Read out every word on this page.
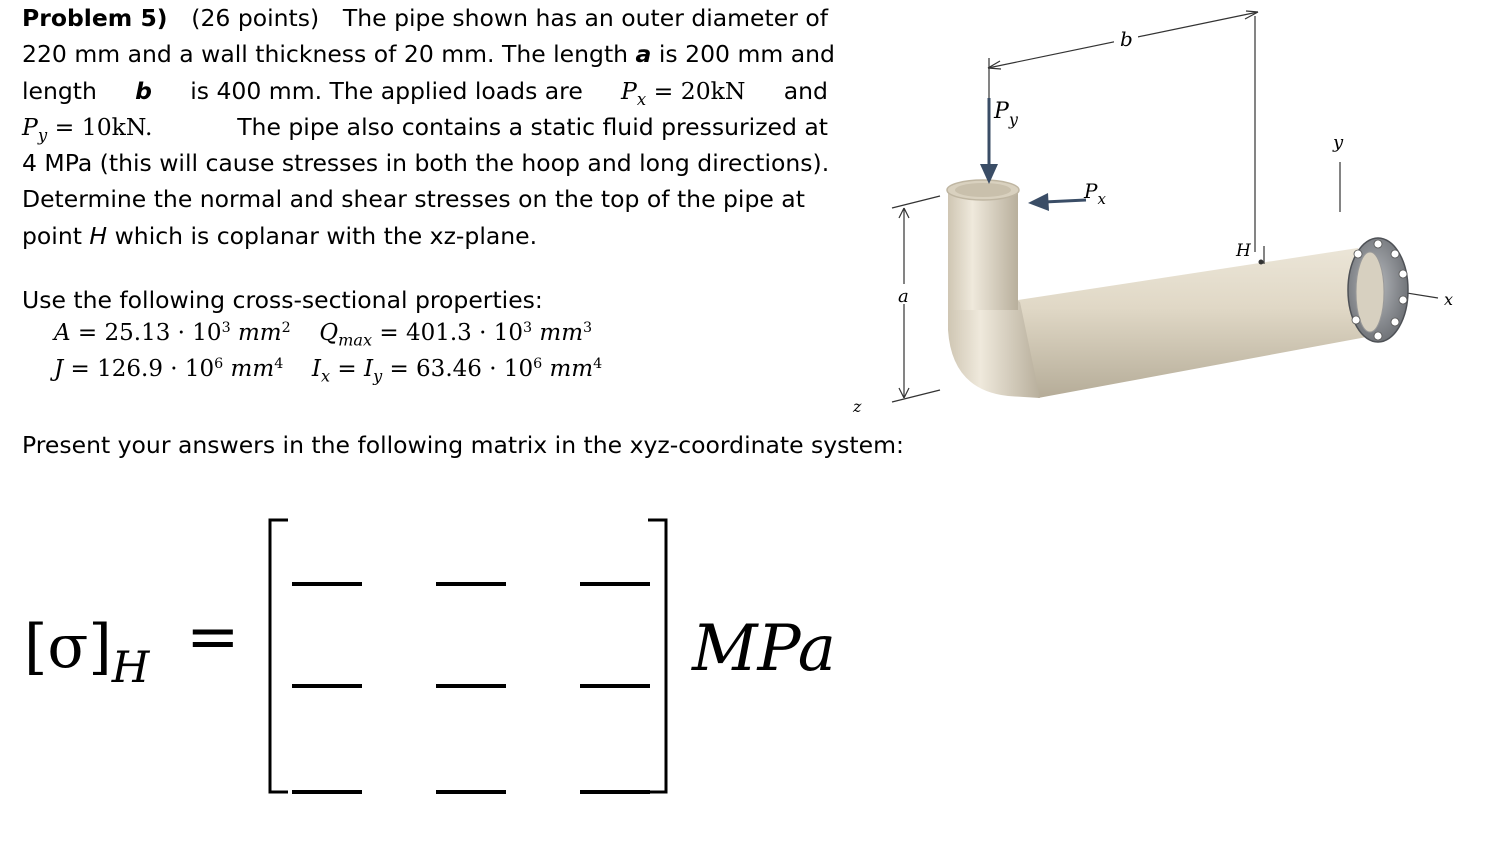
Problem 5) (26 points) The pipe shown has an outer diameter of
220 mm and a wall thickness of 20 mm. The length a is 200 mm and
length b is 400 mm. The applied loads are $P_x = 20kN$ and
$P_y = 10kN$.	The pipe also contains a static fluid pressurized at
4 MPa (this will cause stresses in both the hoop and long directions).
Determine the normal and shear stresses on the top of the pipe at
point H which is coplanar with the xz-plane.
Use the following cross-sectional properties:
$A = 25.13 \cdot 10^3$ $mm^2$ $Q_{max} = 401.3 \cdot 10^3$ $mm^3$
$J = 126.9 \cdot 10^6$ $mm^4$ $I_x = I_y = 63.46 \cdot 10^6$ $mm^4$
Present your answers in the following matrix in the xyz-coordinate system:
$[\sigma]_H$ =	MPa
b
y
a
z
x
H
$P_y$
$P_x$
